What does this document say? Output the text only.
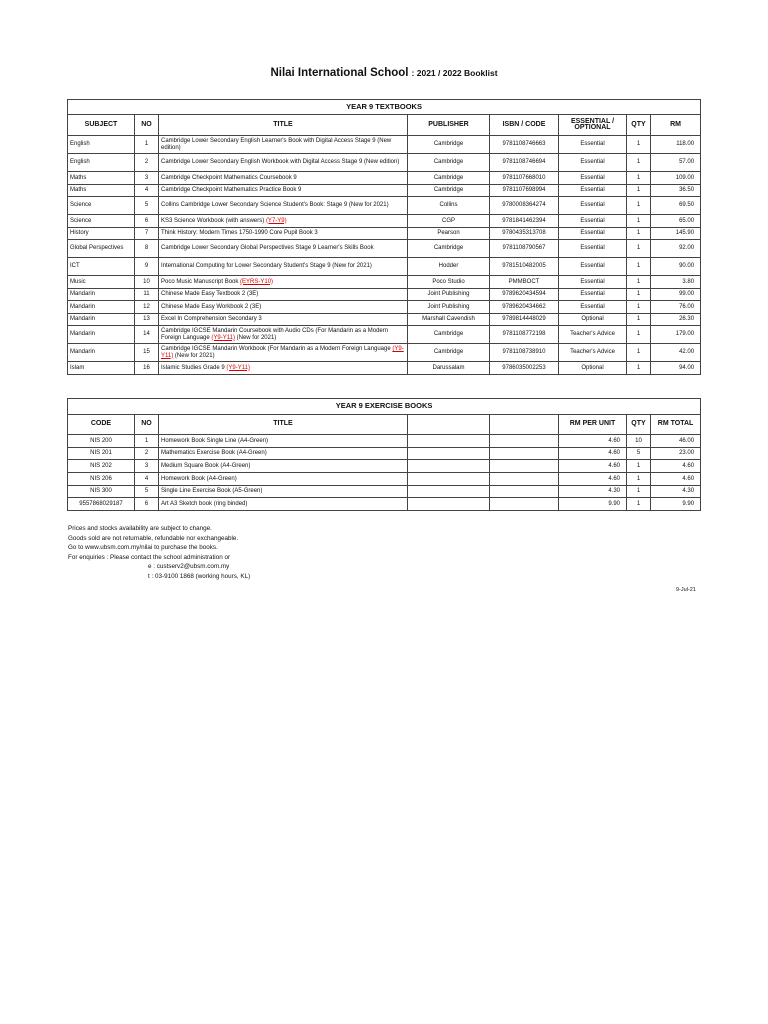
Nilai International School : 2021 / 2022 Booklist
YEAR 9 TEXTBOOKS							
SUBJECT	NO	TITLE	PUBLISHER	ISBN / CODE	ESSENTIAL / OPTIONAL	QTY	RM
English	1	Cambridge Lower Secondary English Learner's Book with Digital Access Stage 9 (New edition)	Cambridge	9781108746663	Essential	1	118.00
English	2	Cambridge Lower Secondary English Workbook with Digital Access Stage 9 (New edition)	Cambridge	9781108746694	Essential	1	57.00
Maths	3	Cambridge Checkpoint Mathematics Coursebook 9	Cambridge	9781107668010	Essential	1	109.00
Maths	4	Cambridge Checkpoint Mathematics Practice Book 9	Cambridge	9781107698994	Essential	1	36.50
Science	5	Collins Cambridge Lower Secondary Science Student's Book: Stage 9 (New for 2021)	Collins	9780008364274	Essential	1	69.50
Science	6	KS3 Science Workbook (with answers) (Y7-Y9)	CGP	9781841462394	Essential	1	65.00
History	7	Think History: Modern Times 1750-1990 Core Pupil Book 3	Pearson	9780435313708	Essential	1	145.90
Global Perspectives	8	Cambridge Lower Secondary Global Perspectives Stage 9 Learner's Skills Book	Cambridge	9781108790567	Essential	1	92.00
ICT	9	International Computing for Lower Secondary Student's Stage 9 (New for 2021)	Hodder	9781510482005	Essential	1	90.00
Music	10	Poco Music Manuscript Book (EYRS-Y10)	Poco Studio	PMMBOCT	Essential	1	3.80
Mandarin	11	Chinese Made Easy Textbook 2 (3E)	Joint Publishing	9789620434594	Essential	1	99.00
Mandarin	12	Chinese Made Easy Workbook 2 (3E)	Joint Publishing	9789620434662	Essential	1	76.00
Mandarin	13	Excel In Comprehension Secondary 3	Marshall Cavendish	9789814448029	Optional	1	26.30
Mandarin	14	Cambridge IGCSE Mandarin Coursebook with Audio CDs (For Mandarin as a Modern Foreign Language (Y9-Y11) (New for 2021)	Cambridge	9781108772198	Teacher's Advice	1	179.00
Mandarin	15	Cambridge IGCSE Mandarin Workbook (For Mandarin as a Modern Foreign Language (Y9-Y11) (New for 2021)	Cambridge	9781108738910	Teacher's Advice	1	42.00
Islam	16	Islamic Studies Grade 9 (Y9-Y11)	Darussalam	9786035002253	Optional	1	94.00
YEAR 9 EXERCISE BOOKS							
CODE	NO	TITLE			RM PER UNIT	QTY	RM TOTAL
NIS 200	1	Homework Book Single Line (A4-Green)			4.60	10	46.00
NIS 201	2	Mathematics Exercise Book (A4-Green)			4.60	5	23.00
NIS 202	3	Medium Square Book (A4-Green)			4.60	1	4.60
NIS 206	4	Homework Book (A4-Green)			4.60	1	4.60
NIS 300	5	Single Line Exercise Book (A5-Green)			4.30	1	4.30
9557868029187	6	Art A3 Sketch book (ring binded)			9.90	1	9.90
Prices and stocks availability are subject to change.
Goods sold are not returnable, refundable nor exchangeable.
Go to www.ubsm.com.my/nilai to purchase the books.
For enquiries : Please contact the school administration or
e : custserv2@ubsm.com.my
t : 03-9100 1868 (working hours, KL)
9-Jul-21
